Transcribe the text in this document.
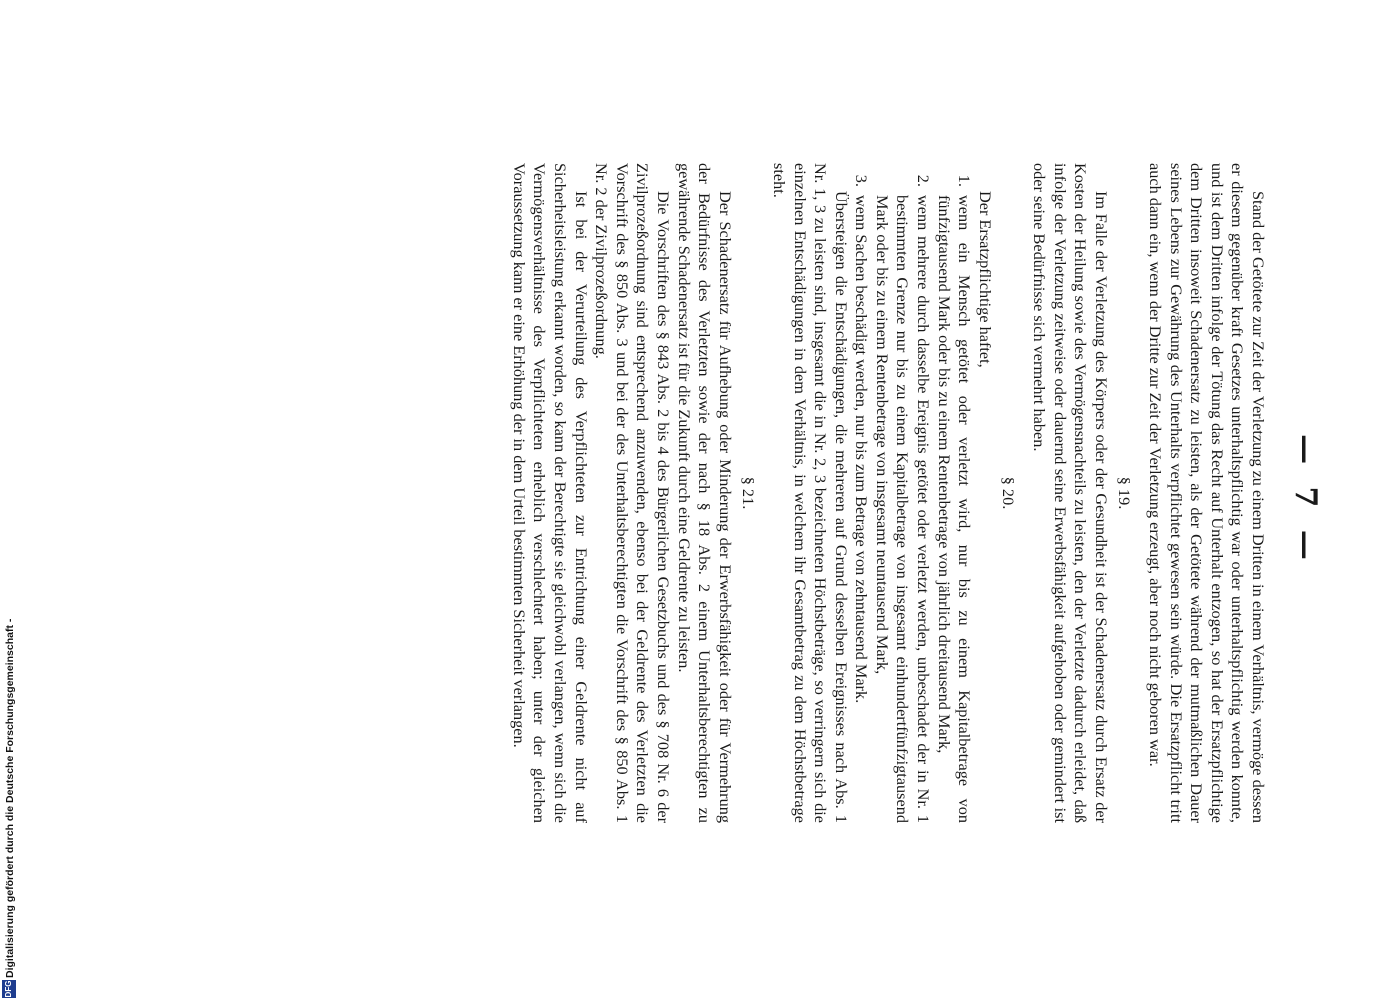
— 7 —

Stand der Getötete zur Zeit der Verletzung zu einem Dritten in einem Verhältnis, vermöge dessen er diesem gegenüber kraft Gesetzes unterhaltspflichtig war oder unterhaltspflichtig werden konnte, und ist dem Dritten infolge der Tötung das Recht auf Unterhalt entzogen, so hat der Ersatzpflichtige dem Dritten insoweit Schadenersatz zu leisten, als der Getötete während der mutmaßlichen Dauer seines Lebens zur Gewährung des Unterhalts verpflichtet gewesen sein würde. Die Ersatzpflicht tritt auch dann ein, wenn der Dritte zur Zeit der Verletzung erzeugt, aber noch nicht geboren war.

§ 19.

Im Falle der Verletzung des Körpers oder der Gesundheit ist der Schadenersatz durch Ersatz der Kosten der Heilung sowie des Vermögensnachteils zu leisten, den der Verletzte dadurch erleidet, daß infolge der Verletzung zeitweise oder dauernd seine Erwerbsfähigkeit aufgehoben oder gemindert ist oder seine Bedürfnisse sich vermehrt haben.

§ 20.

Der Ersatzpflichtige haftet,

1. wenn ein Mensch getötet oder verletzt wird, nur bis zu einem Kapitalbetrage von fünfzigtausend Mark oder bis zu einem Rentenbetrage von jährlich dreitausend Mark,
2. wenn mehrere durch dasselbe Ereignis getötet oder verletzt werden, unbeschadet der in Nr. 1 bestimmten Grenze nur bis zu einem Kapitalbetrage von insgesamt einhundertfünfzigtausend Mark oder bis zu einem Rentenbetrage von insgesamt neuntausend Mark,
3. wenn Sachen beschädigt werden, nur bis zum Betrage von zehntausend Mark.

Übersteigen die Entschädigungen, die mehreren auf Grund desselben Ereignisses nach Abs. 1 Nr. 1, 3 zu leisten sind, insgesamt die in Nr. 2, 3 bezeichneten Höchstbeträge, so verringern sich die einzelnen Entschädigungen in dem Verhältnis, in welchem ihr Gesamtbetrag zu dem Höchstbetrage steht.

§ 21.

Der Schadenersatz für Aufhebung oder Minderung der Erwerbsfähigkeit oder für Vermehrung der Bedürfnisse des Verletzten sowie der nach § 18 Abs. 2 einem Unterhaltsberechtigten zu gewährende Schadenersatz ist für die Zukunft durch eine Geldrente zu leisten.

Die Vorschriften des § 843 Abs. 2 bis 4 des Bürgerlichen Gesetzbuchs und des § 708 Nr. 6 der Zivilprozeßordnung sind entsprechend anzuwenden, ebenso bei der Geldrente des Verletzten die Vorschrift des § 850 Abs. 3 und bei der des Unterhaltsberechtigten die Vorschrift des § 850 Abs. 1 Nr. 2 der Zivilprozeßordnung.

Ist bei der Verurteilung des Verpflichteten zur Entrichtung einer Geldrente nicht auf Sicherheitsleistung erkannt worden, so kann der Berechtigte sie gleichwohl verlangen, wenn sich die Vermögensverhältnisse des Verpflichteten erheblich verschlechtert haben; unter der gleichen Voraussetzung kann er eine Erhöhung der in dem Urteil bestimmten Sicherheit verlangen.

DFG
Digitalisierung gefördert durch die Deutsche Forschungsgemeinschaft -
